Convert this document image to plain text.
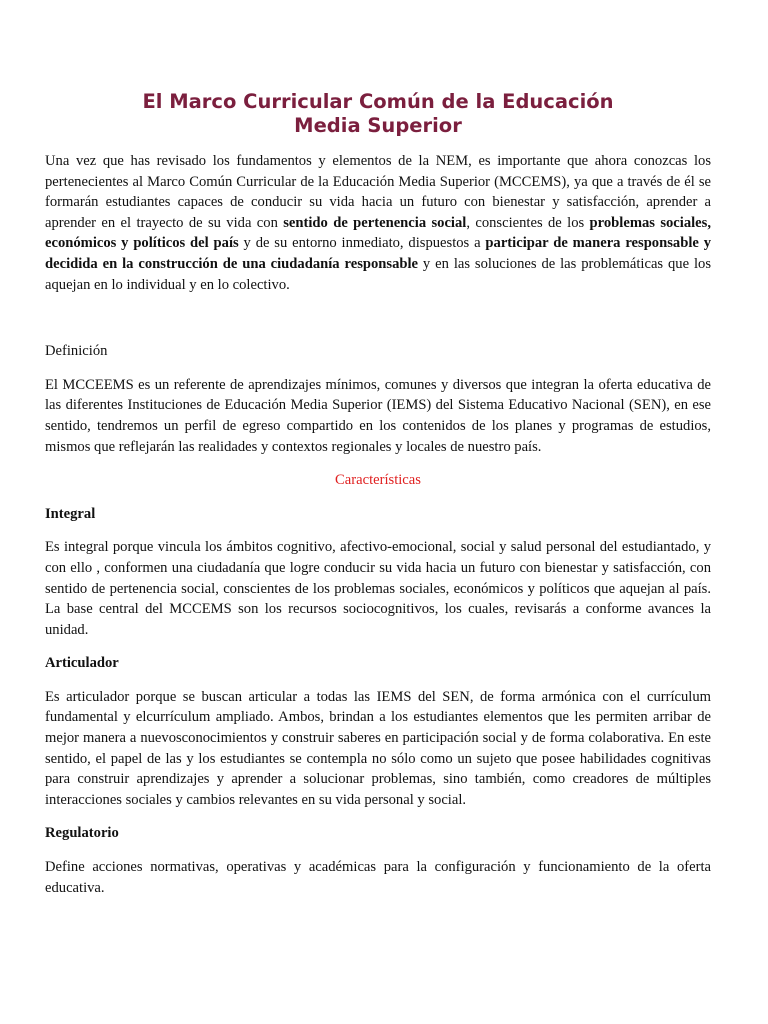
El Marco Curricular Común de la Educación
Media Superior

Una vez que has revisado los fundamentos y elementos de la NEM, es importante que ahora conozcas los pertenecientes al Marco Común Curricular de la Educación Media Superior (MCCEMS), ya que a través de él se formarán estudiantes capaces de conducir su vida hacia un futuro con bienestar y satisfacción, aprender a aprender en el trayecto de su vida con sentido de pertenencia social, conscientes de los problemas sociales, económicos y políticos del país y de su entorno inmediato, dispuestos a participar de manera responsable y decidida en la construcción de una ciudadanía responsable y en las soluciones de las problemáticas que los aquejan en lo individual y en lo colectivo.

Definición

El MCCEEMS es un referente de aprendizajes mínimos, comunes y diversos que integran la oferta educativa de las diferentes Instituciones de Educación Media Superior (IEMS) del Sistema Educativo Nacional (SEN), en ese sentido, tendremos un perfil de egreso compartido en los contenidos de los planes y programas de estudios, mismos que reflejarán las realidades y contextos regionales y locales de nuestro país.

Características

Integral

Es integral porque vincula los ámbitos cognitivo, afectivo-emocional, social y salud personal del estudiantado, y con ello , conformen una ciudadanía que logre conducir su vida hacia un futuro con bienestar y satisfacción, con sentido de pertenencia social, conscientes de los problemas sociales, económicos y políticos que aquejan al país. La base central del MCCEMS son los recursos sociocognitivos, los cuales, revisarás a conforme avances la unidad.

Articulador

Es articulador porque se buscan articular a todas las IEMS del SEN, de forma armónica con el currículum fundamental y elcurrículum ampliado. Ambos, brindan a los estudiantes elementos que les permiten arribar de mejor manera a nuevosconocimientos y construir saberes en participación social y de forma colaborativa. En este sentido, el papel de las y los estudiantes se contempla no sólo como un sujeto que posee habilidades cognitivas para construir aprendizajes y aprender a solucionar problemas, sino también, como creadores de múltiples interacciones sociales y cambios relevantes en su vida personal y social.

Regulatorio

Define acciones normativas, operativas y académicas para la configuración y funcionamiento de la oferta educativa.
